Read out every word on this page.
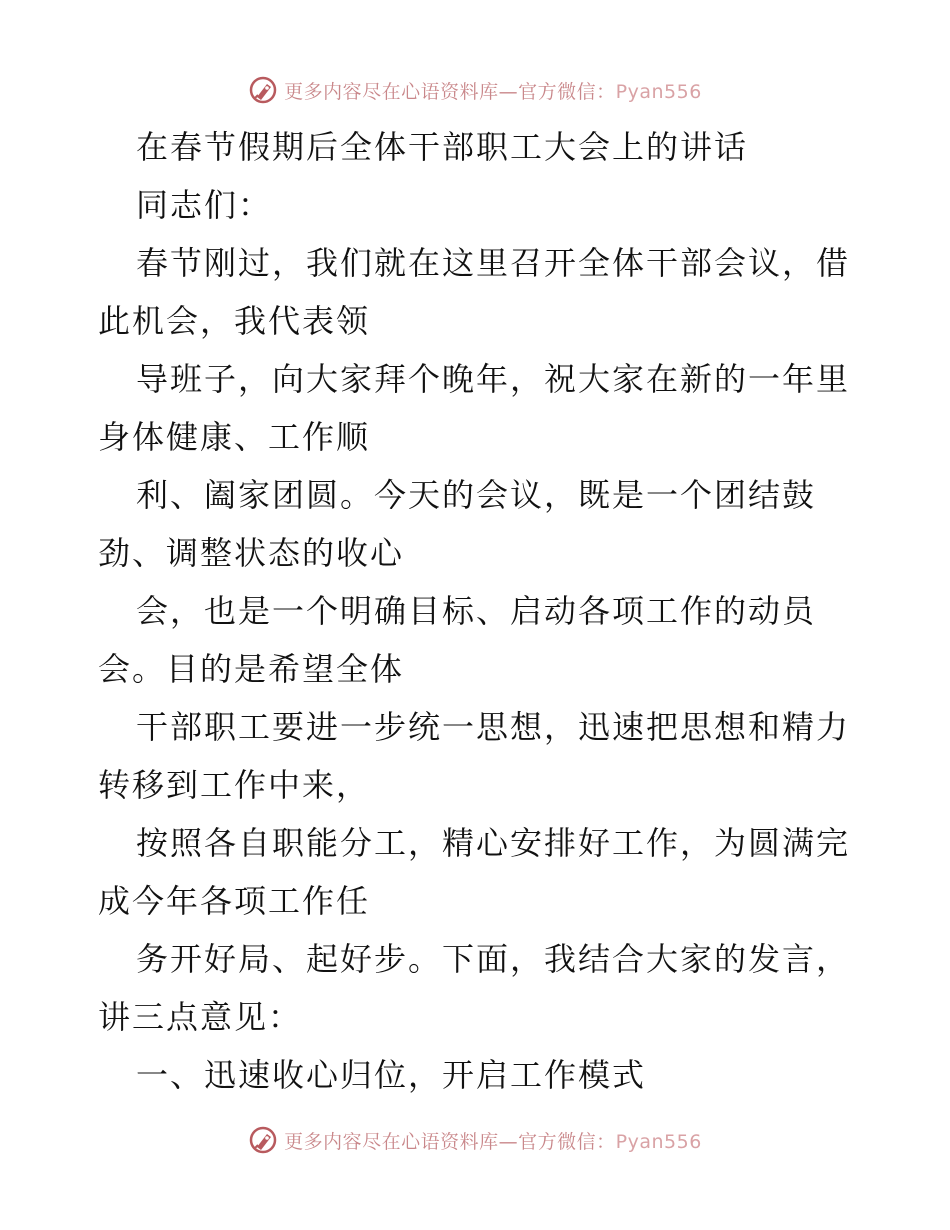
更多内容尽在心语资料库—官方微信：Pyan556
在春节假期后全体干部职工大会上的讲话
同志们：
春节刚过，我们就在这里召开全体干部会议，借
此机会，我代表领
导班子，向大家拜个晚年，祝大家在新的一年里
身体健康、工作顺
利、阖家团圆。今天的会议，既是一个团结鼓
劲、调整状态的收心
会，也是一个明确目标、启动各项工作的动员
会。目的是希望全体
干部职工要进一步统一思想，迅速把思想和精力
转移到工作中来，
按照各自职能分工，精心安排好工作，为圆满完
成今年各项工作任
务开好局、起好步。下面，我结合大家的发言，
讲三点意见：
一、迅速收心归位，开启工作模式
更多内容尽在心语资料库—官方微信：Pyan556
